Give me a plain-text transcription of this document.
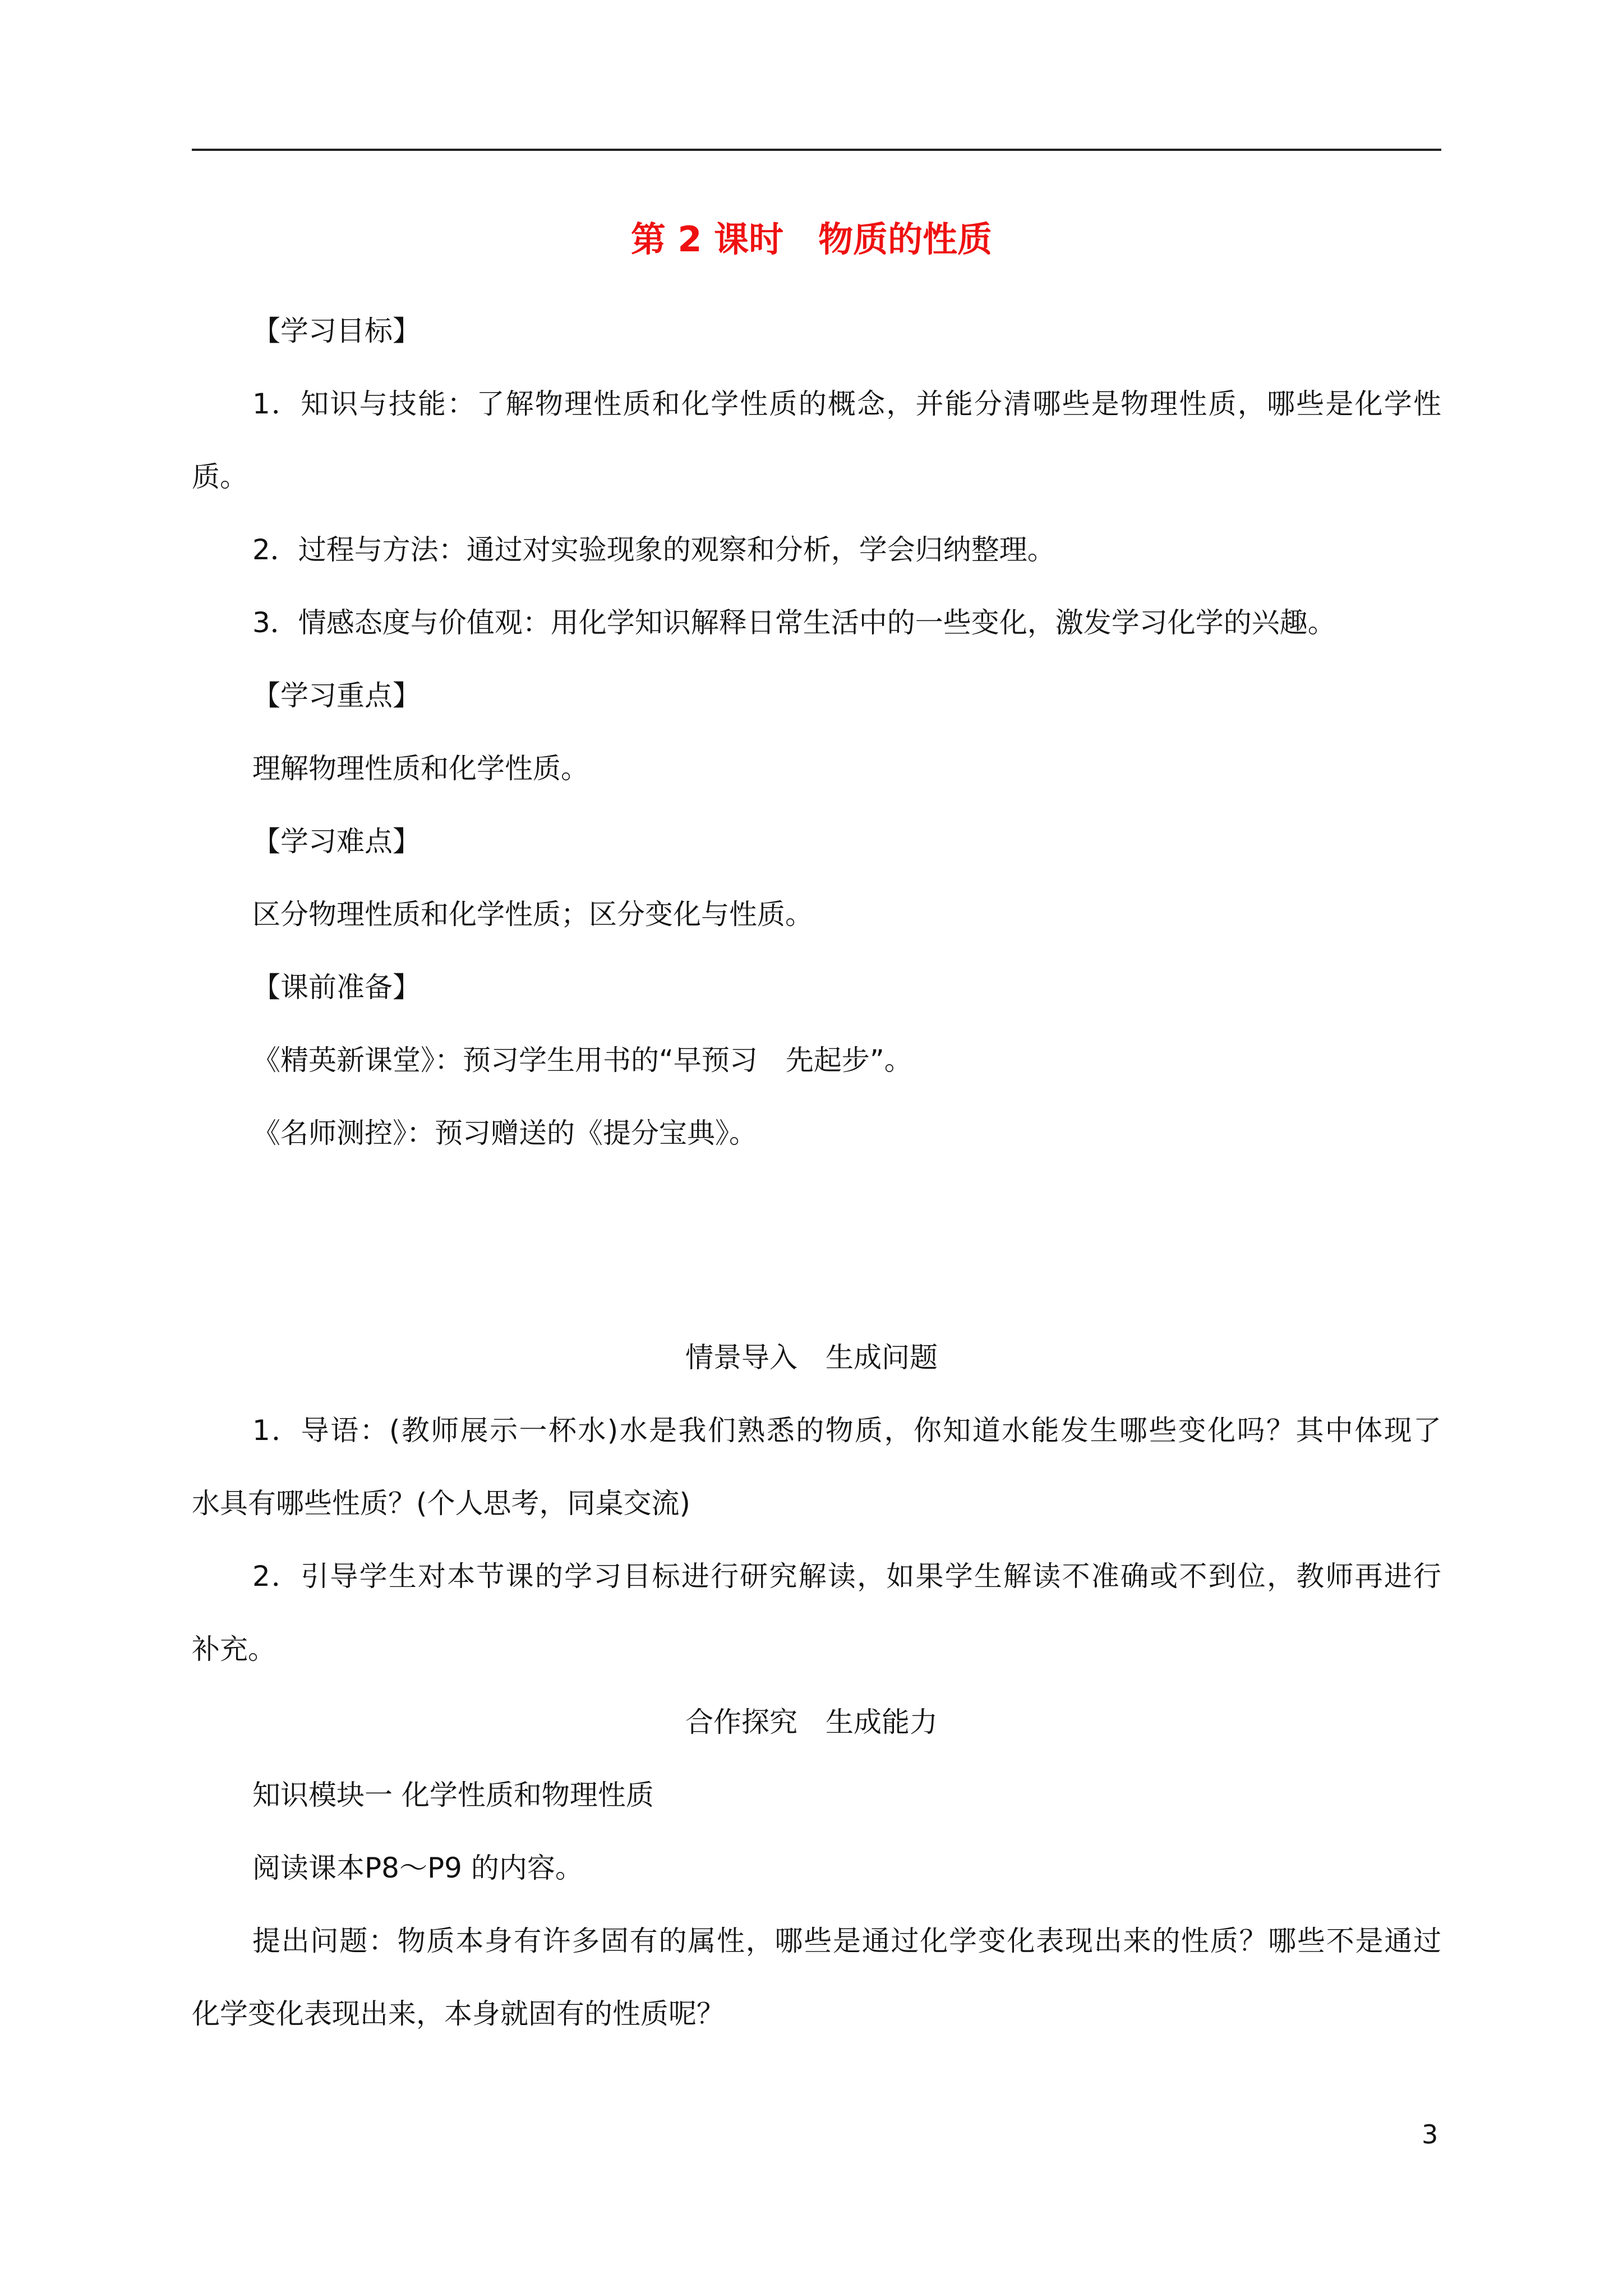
第 2 课时　物质的性质
【学习目标】
1．知识与技能：了解物理性质和化学性质的概念，并能分清哪些是物理性质，哪些是化学性
质。
2．过程与方法：通过对实验现象的观察和分析，学会归纳整理。
3．情感态度与价值观：用化学知识解释日常生活中的一些变化，激发学习化学的兴趣。
【学习重点】
理解物理性质和化学性质。
【学习难点】
区分物理性质和化学性质；区分变化与性质。
【课前准备】
《精英新课堂》：预习学生用书的“早预习　先起步”。
《名师测控》：预习赠送的《提分宝典》。
情景导入　生成问题
1．导语：(教师展示一杯水)水是我们熟悉的物质，你知道水能发生哪些变化吗？其中体现了
水具有哪些性质？(个人思考，同桌交流)
2．引导学生对本节课的学习目标进行研究解读，如果学生解读不准确或不到位，教师再进行
补充。
合作探究　生成能力
知识模块一 化学性质和物理性质
阅读课本P8～P9 的内容。
提出问题：物质本身有许多固有的属性，哪些是通过化学变化表现出来的性质？哪些不是通过
化学变化表现出来，本身就固有的性质呢？
3
